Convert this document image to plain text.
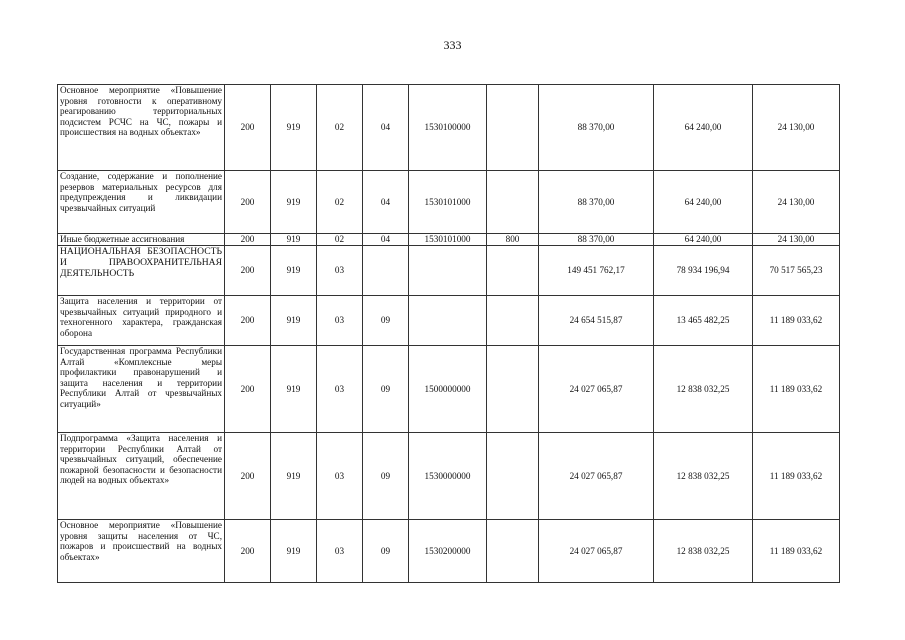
333
Основное мероприятие «Повышение уровня готовности к оперативному реагированию территориальных подсистем РСЧС на ЧС, пожары и происшествия на водных объектах»	200	919	02	04	1530100000		88 370,00	64 240,00	24 130,00
Создание, содержание и пополнение резервов материальных ресурсов для предупреждения и ликвидации чрезвычайных ситуаций	200	919	02	04	1530101000		88 370,00	64 240,00	24 130,00
Иные бюджетные ассигнования	200	919	02	04	1530101000	800	88 370,00	64 240,00	24 130,00
НАЦИОНАЛЬНАЯ БЕЗОПАСНОСТЬ И ПРАВООХРАНИТЕЛЬНАЯ ДЕЯТЕЛЬНОСТЬ	200	919	03				149 451 762,17	78 934 196,94	70 517 565,23
Защита населения и территории от чрезвычайных ситуаций природного и техногенного характера, гражданская оборона	200	919	03	09			24 654 515,87	13 465 482,25	11 189 033,62
Государственная программа Республики Алтай «Комплексные меры профилактики правонарушений и защита населения и территории Республики Алтай от чрезвычайных ситуаций»	200	919	03	09	1500000000		24 027 065,87	12 838 032,25	11 189 033,62
Подпрограмма «Защита населения и территории Республики Алтай от чрезвычайных ситуаций, обеспечение пожарной безопасности и безопасности людей на водных объектах»	200	919	03	09	1530000000		24 027 065,87	12 838 032,25	11 189 033,62
Основное мероприятие «Повышение уровня защиты населения от ЧС, пожаров и происшествий на водных объектах»	200	919	03	09	1530200000		24 027 065,87	12 838 032,25	11 189 033,62
